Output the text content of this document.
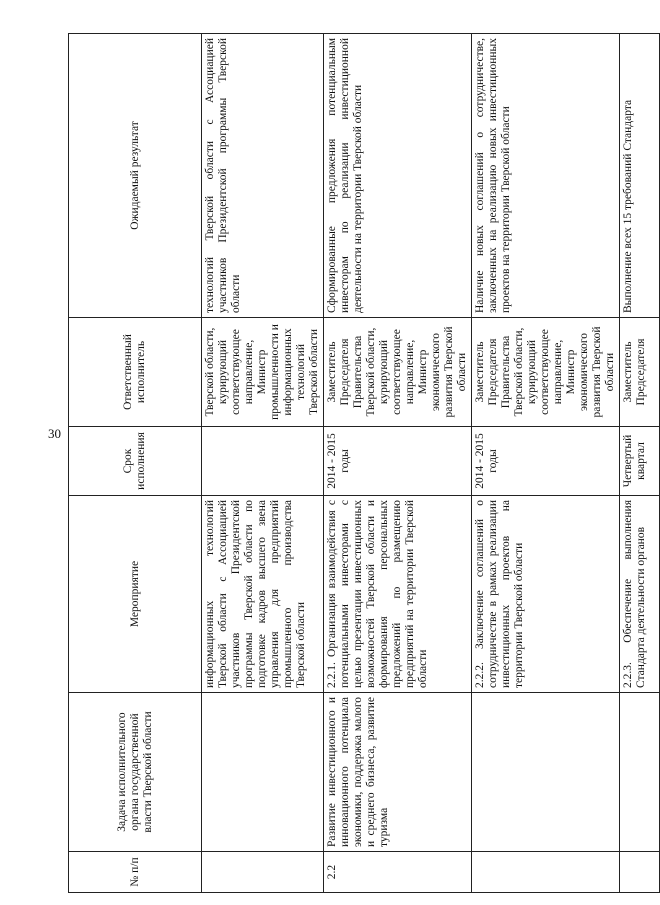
30
№ п/п	Задача исполнительного органа государственной власти Тверской области	Мероприятие	Срок исполнения	Ответственный исполнитель	Ожидаемый результат
		информационных технологий Тверской области с Ассоциацией участников Президентской программы Тверской области по подготовке кадров высшего звена управления для предприятий промышленного производства Тверской области		Тверской области, курирующий соответствующее направление, Министр промышленности и информационных технологий Тверской области	технологий Тверской области с Ассоциацией участников Президентской программы Тверской области
2.2	Развитие инвестиционного и инновационного потенциала экономики, поддержка малого и среднего бизнеса, развитие туризма	2.2.1. Организация взаимодействия с потенциальными инвесторами с целью презентации инвестиционных возможностей Тверской области и формирования персональных предложений по размещению предприятий на территории Тверской области	2014 - 2015 годы	Заместитель Председателя Правительства Тверской области, курирующий соответствующее направление, Министр экономического развития Тверской области	Сформированные предложения потенциальным инвесторам по реализации инвестиционной деятельности на территории Тверской области
		2.2.2. Заключение соглашений о сотрудничестве в рамках реализации инвестиционных проектов на территории Тверской области	2014 - 2015 годы	Заместитель Председателя Правительства Тверской области, курирующий соответствующее направление, Министр экономического развития Тверской области	Наличие новых соглашений о сотрудничестве, заключенных на реализацию новых инвестиционных проектов на территории Тверской области
		2.2.3. Обеспечение выполнения Стандарта деятельности органов	Четвертый квартал	Заместитель Председателя	Выполнение всех 15 требований Стандарта
